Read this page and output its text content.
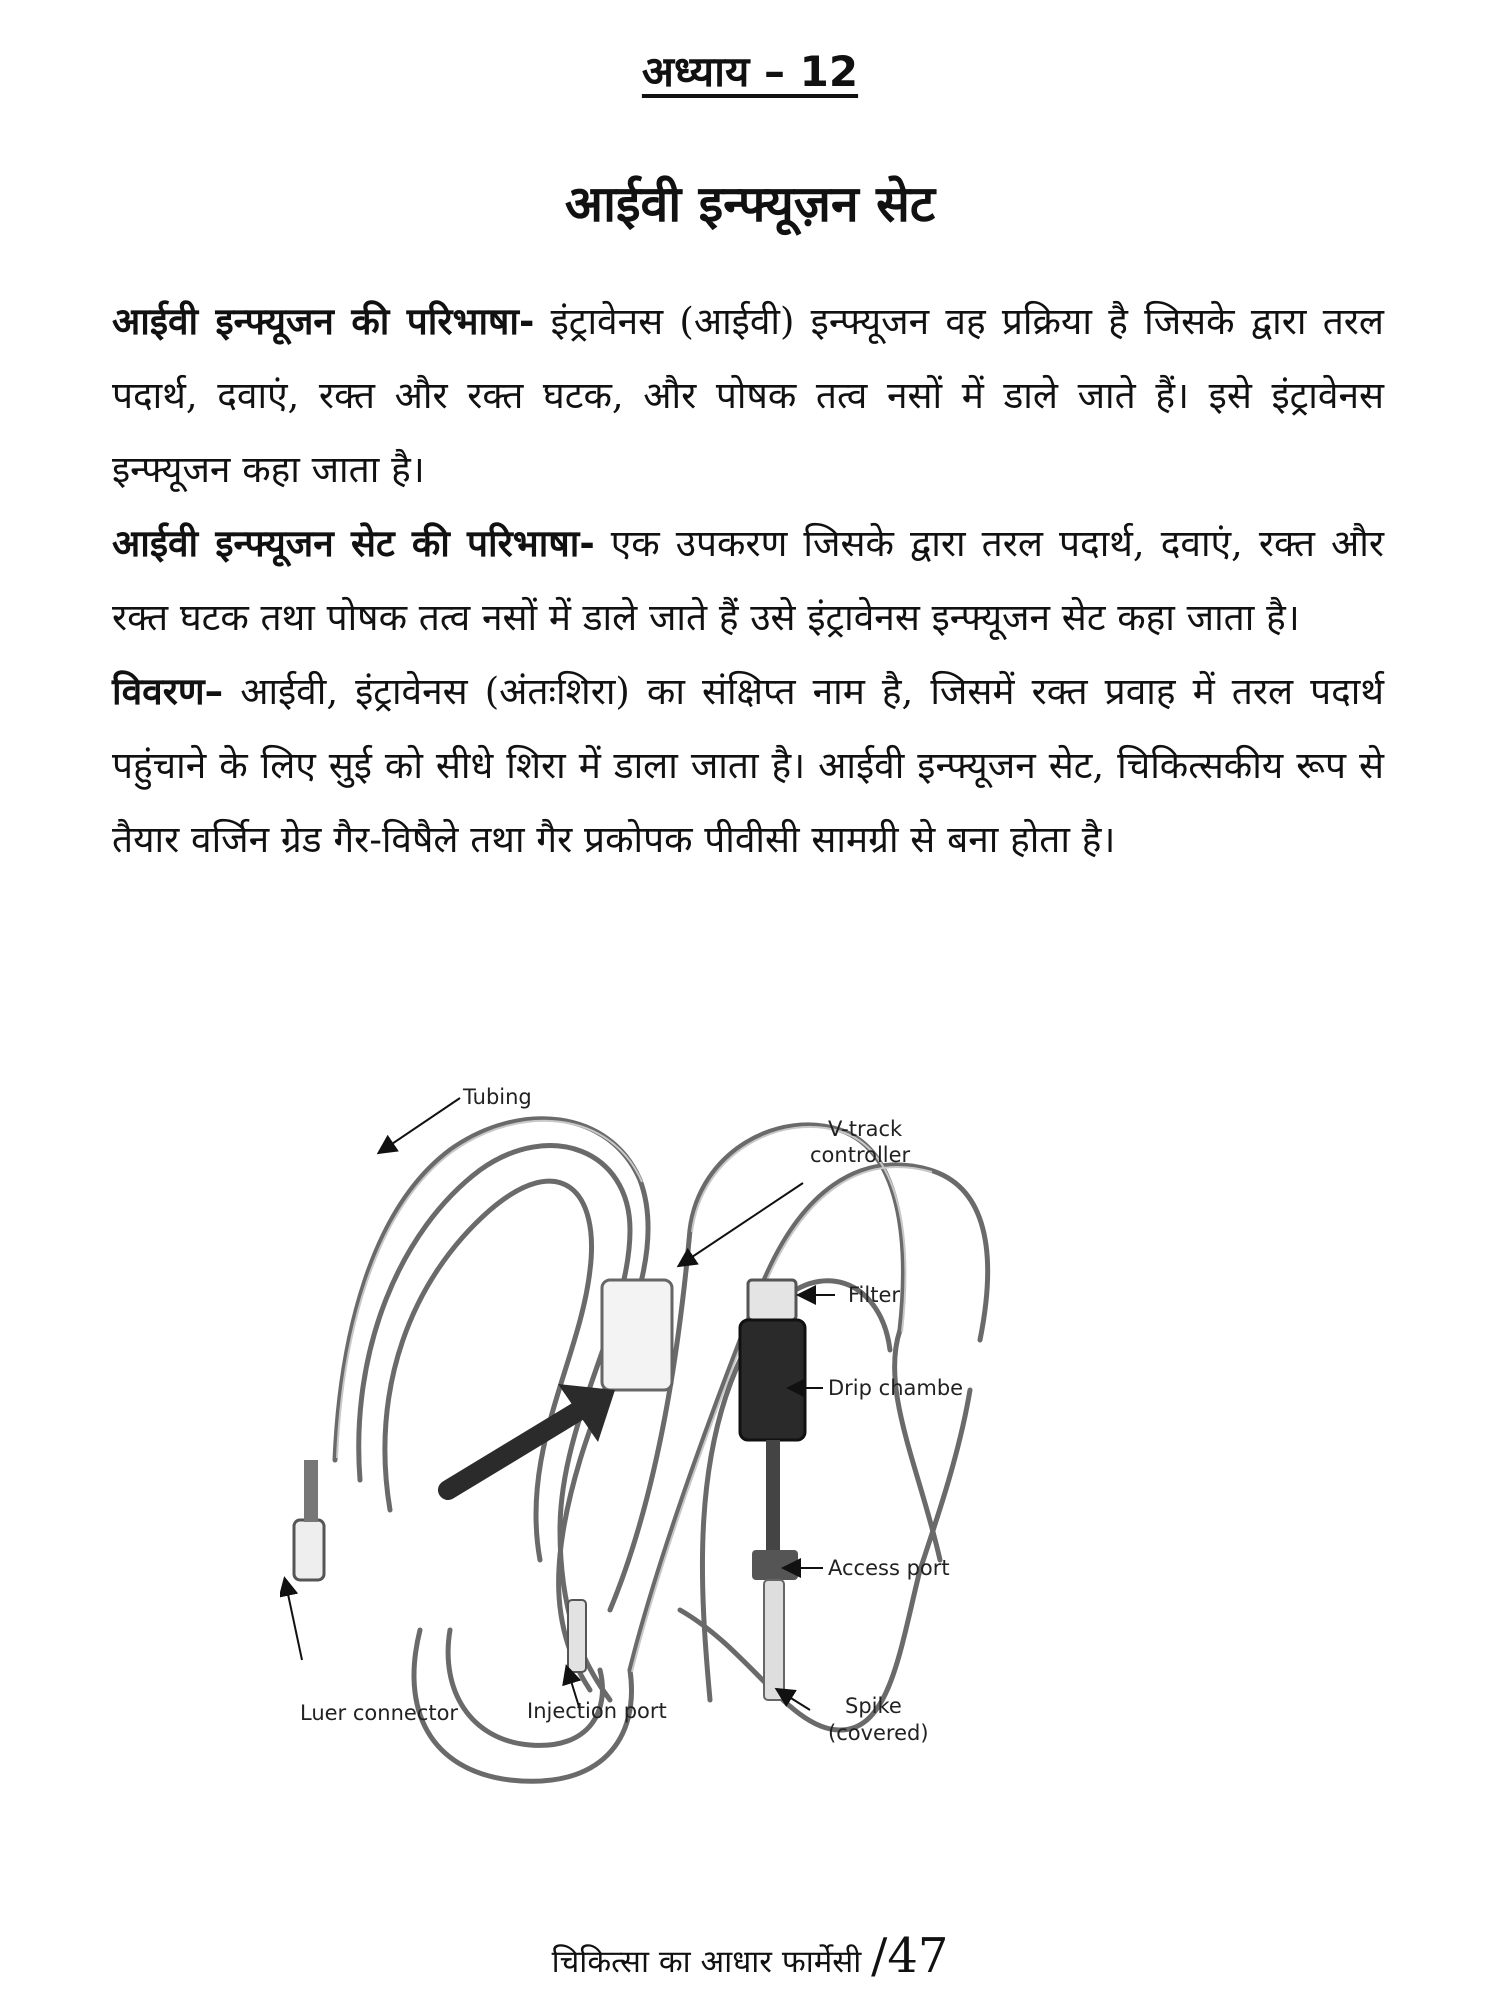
अध्याय – 12
आईवी इन्फ्यूज़न सेट

आईवी इन्फ्यूजन की परिभाषा- इंट्रावेनस (आईवी) इन्फ्यूजन वह प्रक्रिया है जिसके द्वारा तरल पदार्थ, दवाएं, रक्त और रक्त घटक, और पोषक तत्व नसों में डाले जाते हैं। इसे इंट्रावेनस इन्फ्यूजन कहा जाता है।

आईवी इन्फ्यूजन सेट की परिभाषा- एक उपकरण जिसके द्वारा तरल पदार्थ, दवाएं, रक्त और रक्त घटक तथा पोषक तत्व नसों में डाले जाते हैं उसे इंट्रावेनस इन्फ्यूजन सेट कहा जाता है।

विवरण– आईवी, इंट्रावेनस (अंतःशिरा) का संक्षिप्त नाम है, जिसमें रक्त प्रवाह में तरल पदार्थ पहुंचाने के लिए सुई को सीधे शिरा में डाला जाता है। आईवी इन्फ्यूजन सेट, चिकित्सकीय रूप से तैयार वर्जिन ग्रेड गैर-विषैले तथा गैर प्रकोपक पीवीसी सामग्री से बना होता है।

Tubing
V-track
controller
Filter
Drip chambe
Access port
Spike
(covered)
Luer connector	Injection port
चिकित्सा का आधार फार्मेसी /47
